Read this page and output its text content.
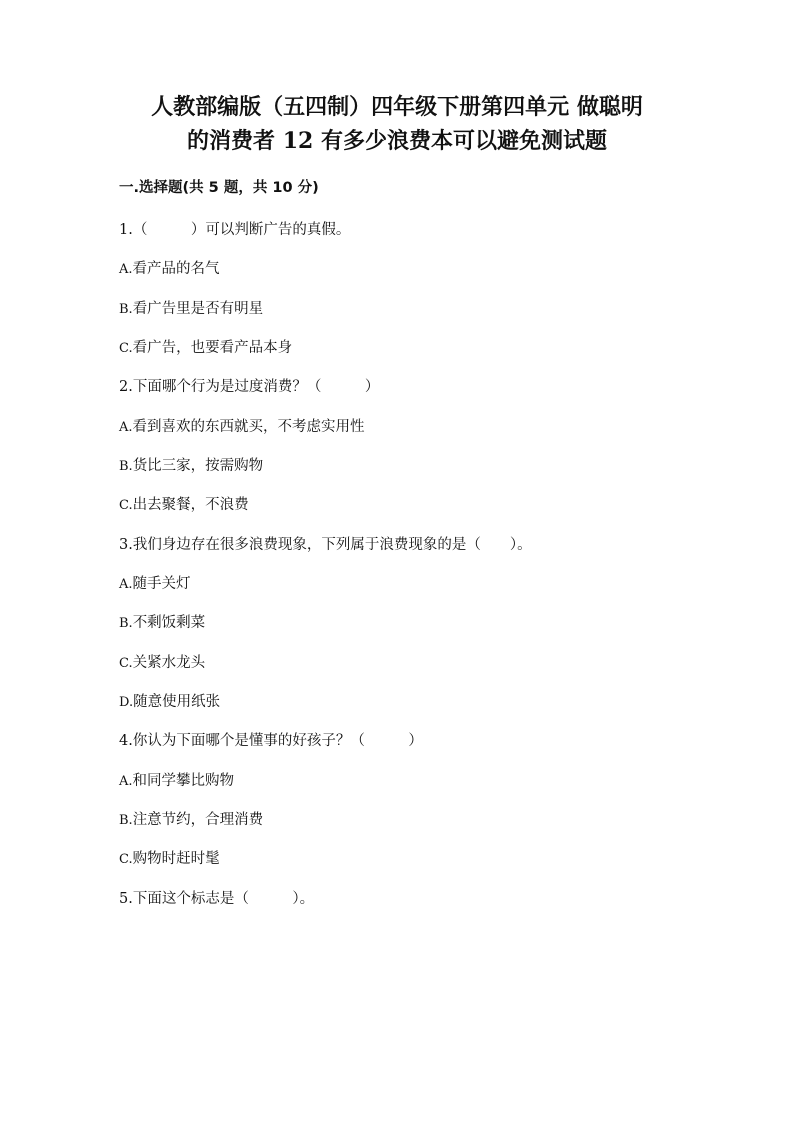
人教部编版（五四制）四年级下册第四单元 做聪明
的消费者 12 有多少浪费本可以避免测试题

一.选择题(共 5 题，共 10 分)

1.（　　　）可以判断广告的真假。

A.看产品的名气

B.看广告里是否有明星

C.看广告，也要看产品本身

2.下面哪个行为是过度消费？（　　　）

A.看到喜欢的东西就买，不考虑实用性

B.货比三家，按需购物

C.出去聚餐，不浪费

3.我们身边存在很多浪费现象，下列属于浪费现象的是（　　）。

A.随手关灯

B.不剩饭剩菜

C.关紧水龙头

D.随意使用纸张

4.你认为下面哪个是懂事的好孩子？（　　　）

A.和同学攀比购物

B.注意节约，合理消费

C.购物时赶时髦

5.下面这个标志是（　　　）。
